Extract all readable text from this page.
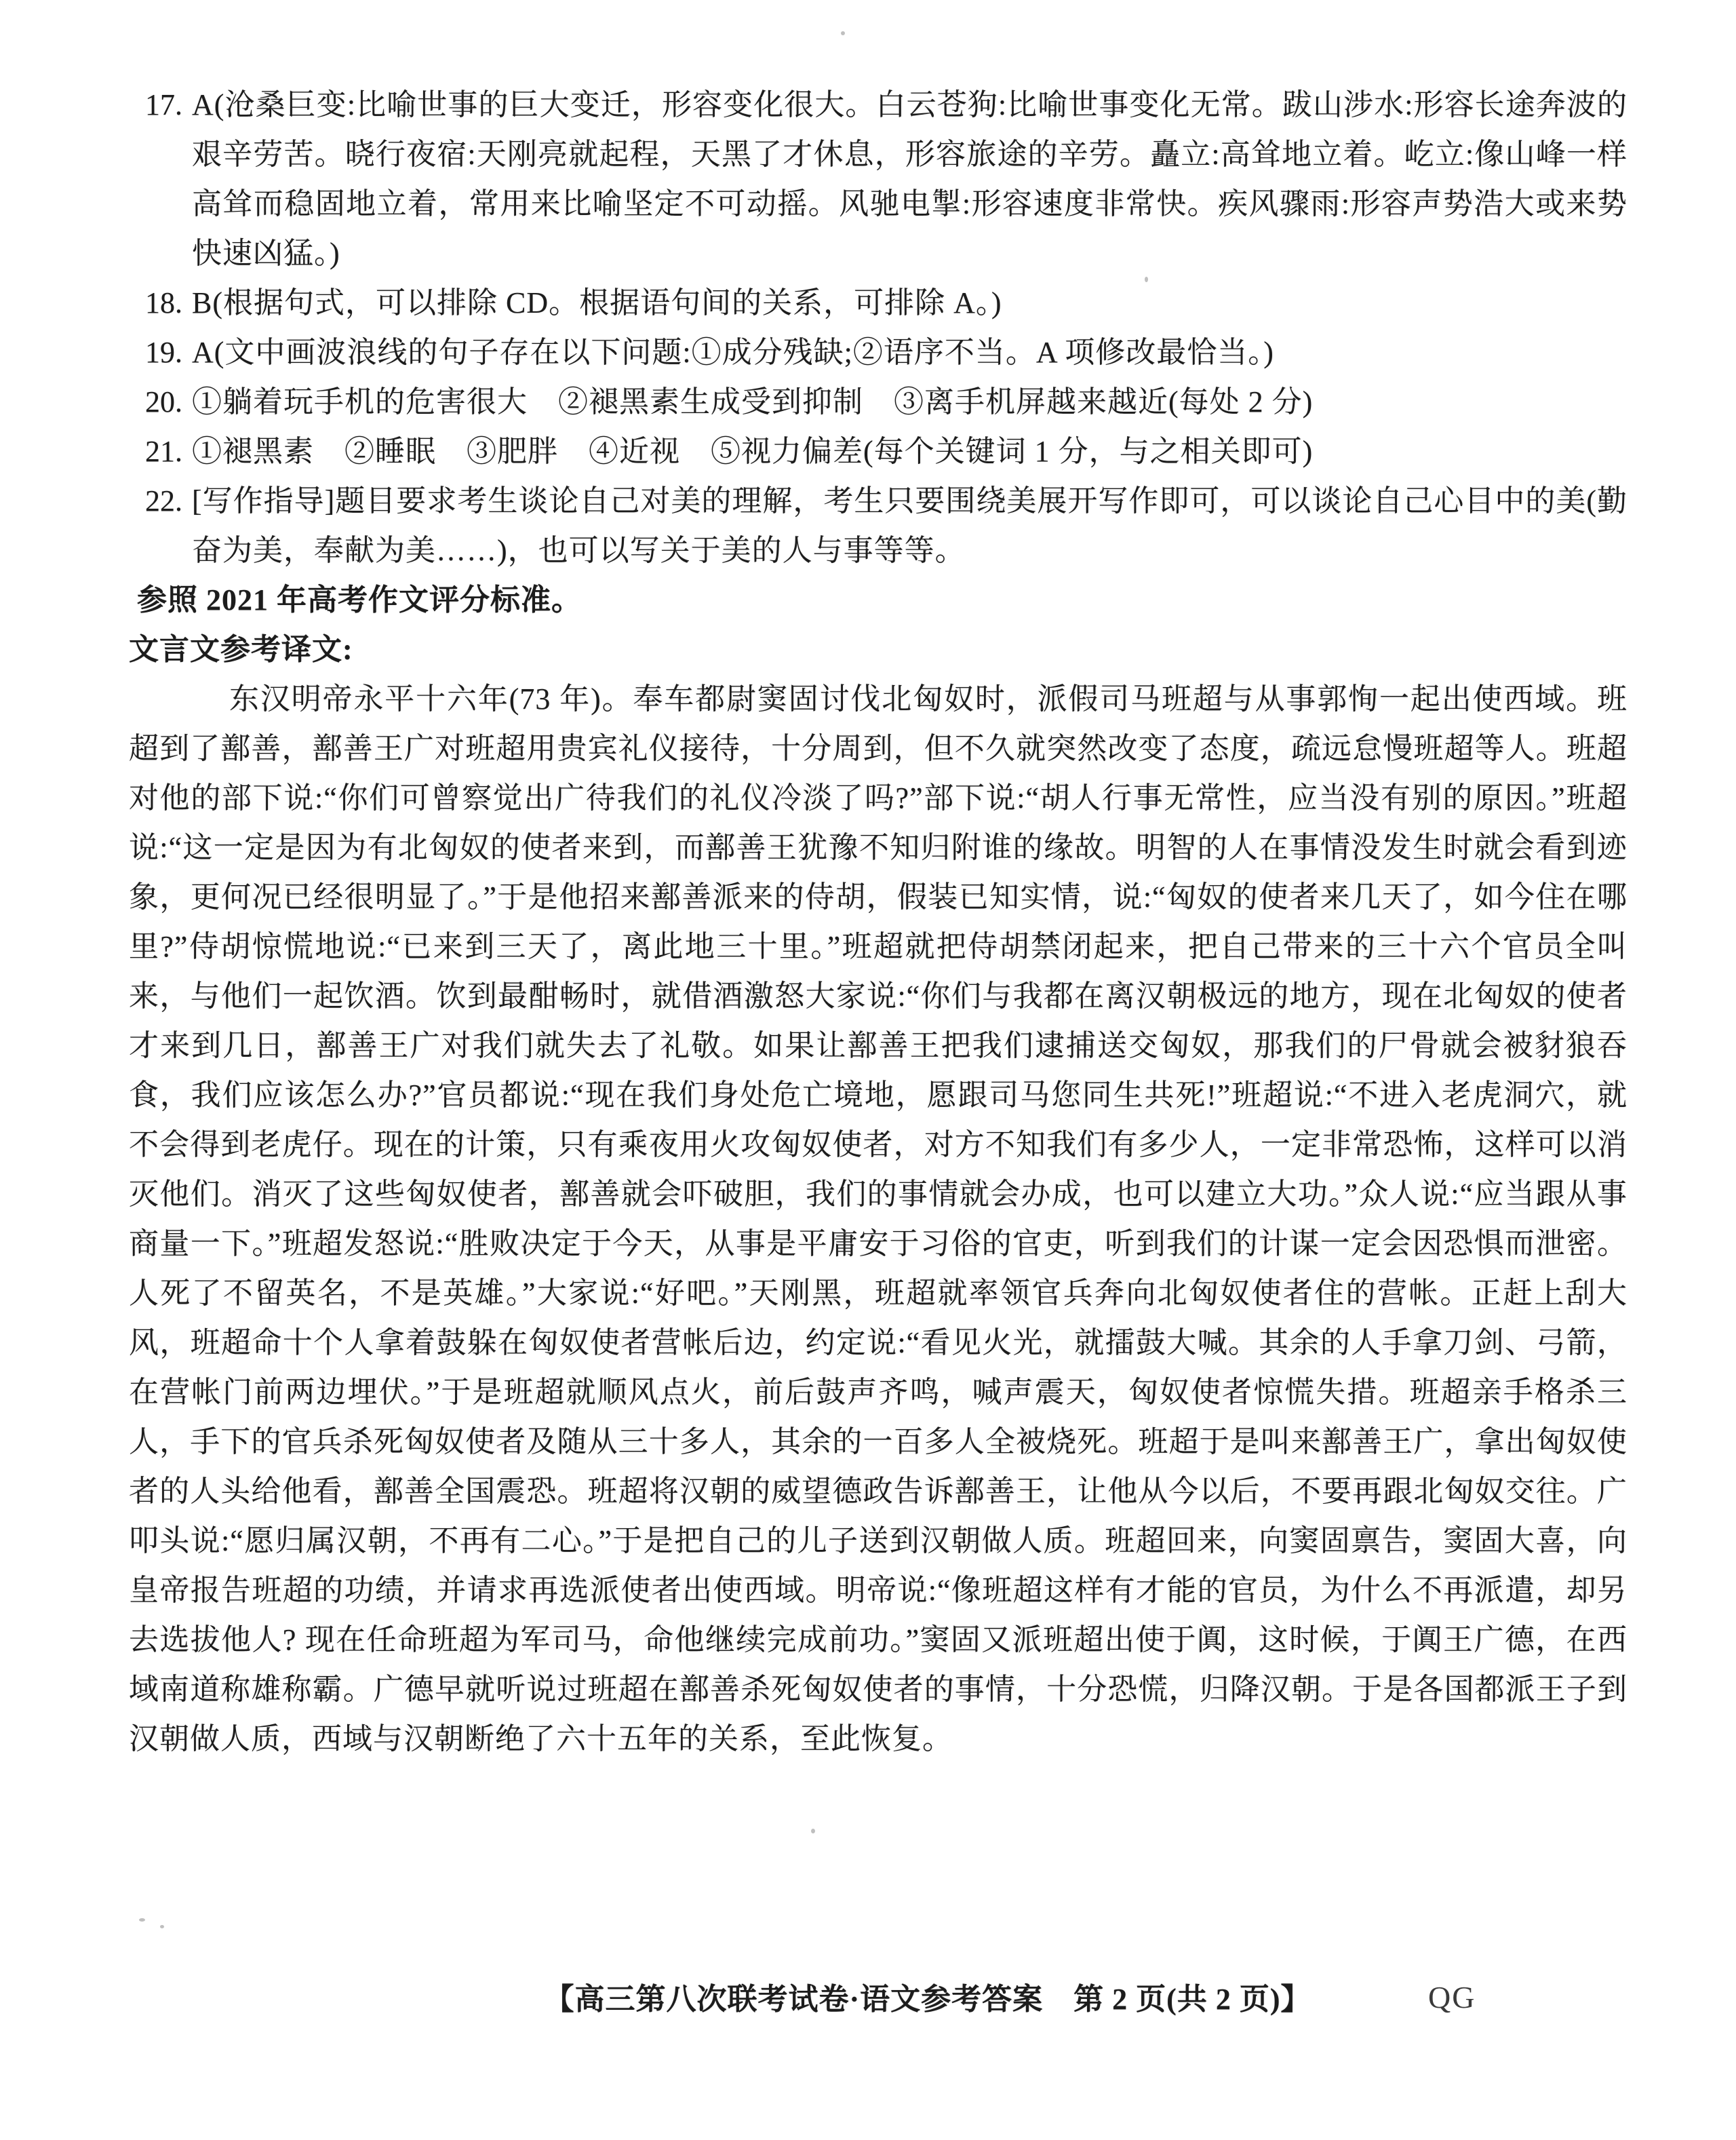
17. A(沧桑巨变:比喻世事的巨大变迁，形容变化很大。白云苍狗:比喻世事变化无常。跋山涉水:形容长途奔波的艰辛劳苦。晓行夜宿:天刚亮就起程，天黑了才休息，形容旅途的辛劳。矗立:高耸地立着。屹立:像山峰一样高耸而稳固地立着，常用来比喻坚定不可动摇。风驰电掣:形容速度非常快。疾风骤雨:形容声势浩大或来势快速凶猛。)
18. B(根据句式，可以排除 CD。根据语句间的关系，可排除 A。)
19. A(文中画波浪线的句子存在以下问题:①成分残缺;②语序不当。A 项修改最恰当。)
20. ①躺着玩手机的危害很大　②褪黑素生成受到抑制　③离手机屏越来越近(每处 2 分)
21. ①褪黑素　②睡眠　③肥胖　④近视　⑤视力偏差(每个关键词 1 分，与之相关即可)
22. [写作指导]题目要求考生谈论自己对美的理解，考生只要围绕美展开写作即可，可以谈论自己心目中的美(勤奋为美，奉献为美……)，也可以写关于美的人与事等等。

参照 2021 年高考作文评分标准。

文言文参考译文:

东汉明帝永平十六年(73 年)。奉车都尉窦固讨伐北匈奴时，派假司马班超与从事郭恂一起出使西域。班超到了鄯善，鄯善王广对班超用贵宾礼仪接待，十分周到，但不久就突然改变了态度，疏远怠慢班超等人。班超对他的部下说:“你们可曾察觉出广待我们的礼仪冷淡了吗?”部下说:“胡人行事无常性，应当没有别的原因。”班超说:“这一定是因为有北匈奴的使者来到，而鄯善王犹豫不知归附谁的缘故。明智的人在事情没发生时就会看到迹象，更何况已经很明显了。”于是他招来鄯善派来的侍胡，假装已知实情，说:“匈奴的使者来几天了，如今住在哪里?”侍胡惊慌地说:“已来到三天了，离此地三十里。”班超就把侍胡禁闭起来，把自己带来的三十六个官员全叫来，与他们一起饮酒。饮到最酣畅时，就借酒激怒大家说:“你们与我都在离汉朝极远的地方，现在北匈奴的使者才来到几日，鄯善王广对我们就失去了礼敬。如果让鄯善王把我们逮捕送交匈奴，那我们的尸骨就会被豺狼吞食，我们应该怎么办?”官员都说:“现在我们身处危亡境地，愿跟司马您同生共死!”班超说:“不进入老虎洞穴，就不会得到老虎仔。现在的计策，只有乘夜用火攻匈奴使者，对方不知我们有多少人，一定非常恐怖，这样可以消灭他们。消灭了这些匈奴使者，鄯善就会吓破胆，我们的事情就会办成，也可以建立大功。”众人说:“应当跟从事商量一下。”班超发怒说:“胜败决定于今天，从事是平庸安于习俗的官吏，听到我们的计谋一定会因恐惧而泄密。人死了不留英名，不是英雄。”大家说:“好吧。”天刚黑，班超就率领官兵奔向北匈奴使者住的营帐。正赶上刮大风，班超命十个人拿着鼓躲在匈奴使者营帐后边，约定说:“看见火光，就擂鼓大喊。其余的人手拿刀剑、弓箭，在营帐门前两边埋伏。”于是班超就顺风点火，前后鼓声齐鸣，喊声震天，匈奴使者惊慌失措。班超亲手格杀三人，手下的官兵杀死匈奴使者及随从三十多人，其余的一百多人全被烧死。班超于是叫来鄯善王广，拿出匈奴使者的人头给他看，鄯善全国震恐。班超将汉朝的威望德政告诉鄯善王，让他从今以后，不要再跟北匈奴交往。广叩头说:“愿归属汉朝，不再有二心。”于是把自己的儿子送到汉朝做人质。班超回来，向窦固禀告，窦固大喜，向皇帝报告班超的功绩，并请求再选派使者出使西域。明帝说:“像班超这样有才能的官员，为什么不再派遣，却另去选拔他人? 现在任命班超为军司马，命他继续完成前功。”窦固又派班超出使于阗，这时候，于阗王广德，在西域南道称雄称霸。广德早就听说过班超在鄯善杀死匈奴使者的事情，十分恐慌，归降汉朝。于是各国都派王子到汉朝做人质，西域与汉朝断绝了六十五年的关系，至此恢复。

【高三第八次联考试卷·语文参考答案　第 2 页(共 2 页)】	QG
